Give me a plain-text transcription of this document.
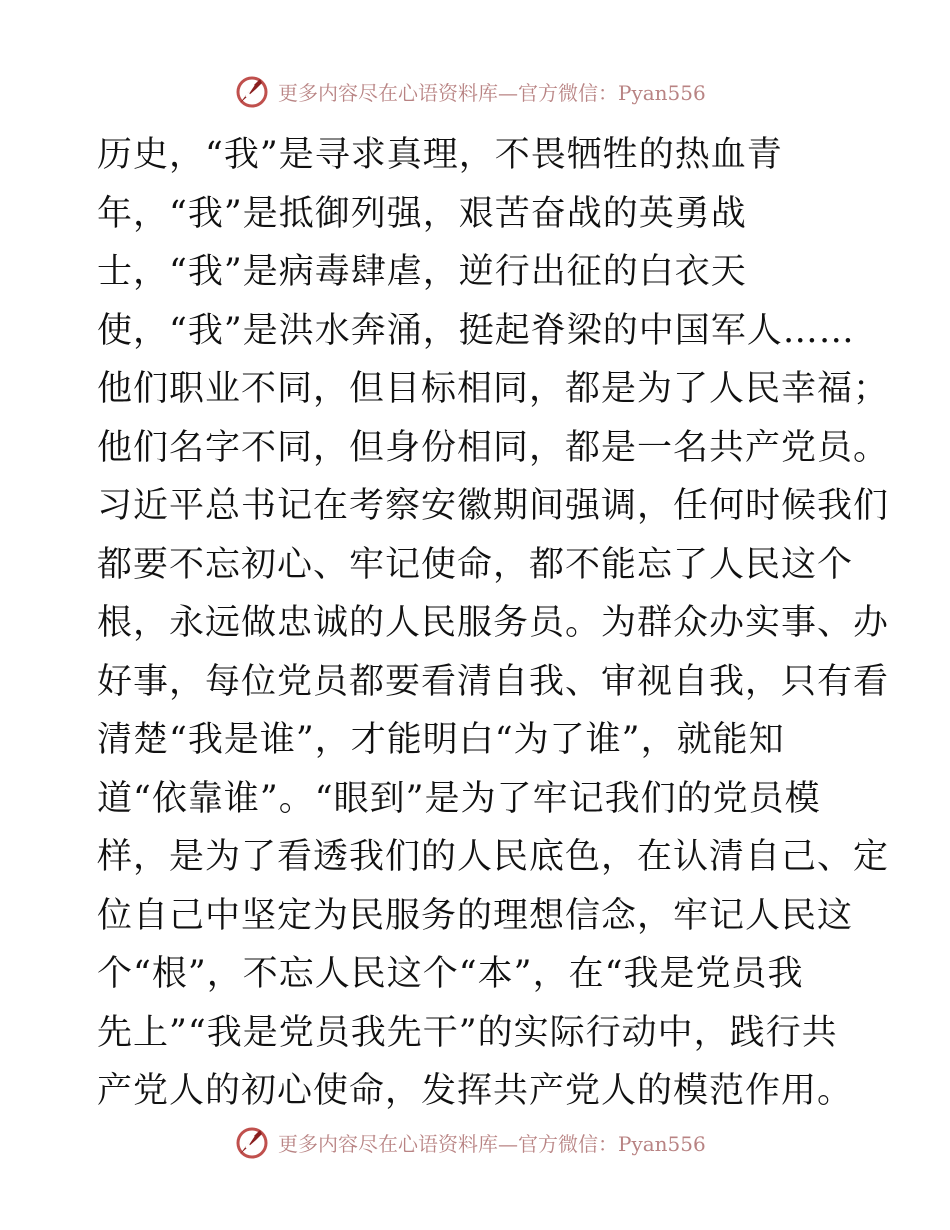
更多内容尽在心语资料库—官方微信：Pyan556
历史，“我”是寻求真理，不畏牺牲的热血青
年，“我”是抵御列强，艰苦奋战的英勇战
士，“我”是病毒肆虐，逆行出征的白衣天
使，“我”是洪水奔涌，挺起脊梁的中国军人……
他们职业不同，但目标相同，都是为了人民幸福；
他们名字不同，但身份相同，都是一名共产党员。
习近平总书记在考察安徽期间强调，任何时候我们
都要不忘初心、牢记使命，都不能忘了人民这个
根，永远做忠诚的人民服务员。为群众办实事、办
好事，每位党员都要看清自我、审视自我，只有看
清楚“我是谁”，才能明白“为了谁”，就能知
道“依靠谁”。“眼到”是为了牢记我们的党员模
样，是为了看透我们的人民底色，在认清自己、定
位自己中坚定为民服务的理想信念，牢记人民这
个“根”，不忘人民这个“本”，在“我是党员我
先上”“我是党员我先干”的实际行动中，践行共
产党人的初心使命，发挥共产党人的模范作用。
更多内容尽在心语资料库—官方微信：Pyan556
